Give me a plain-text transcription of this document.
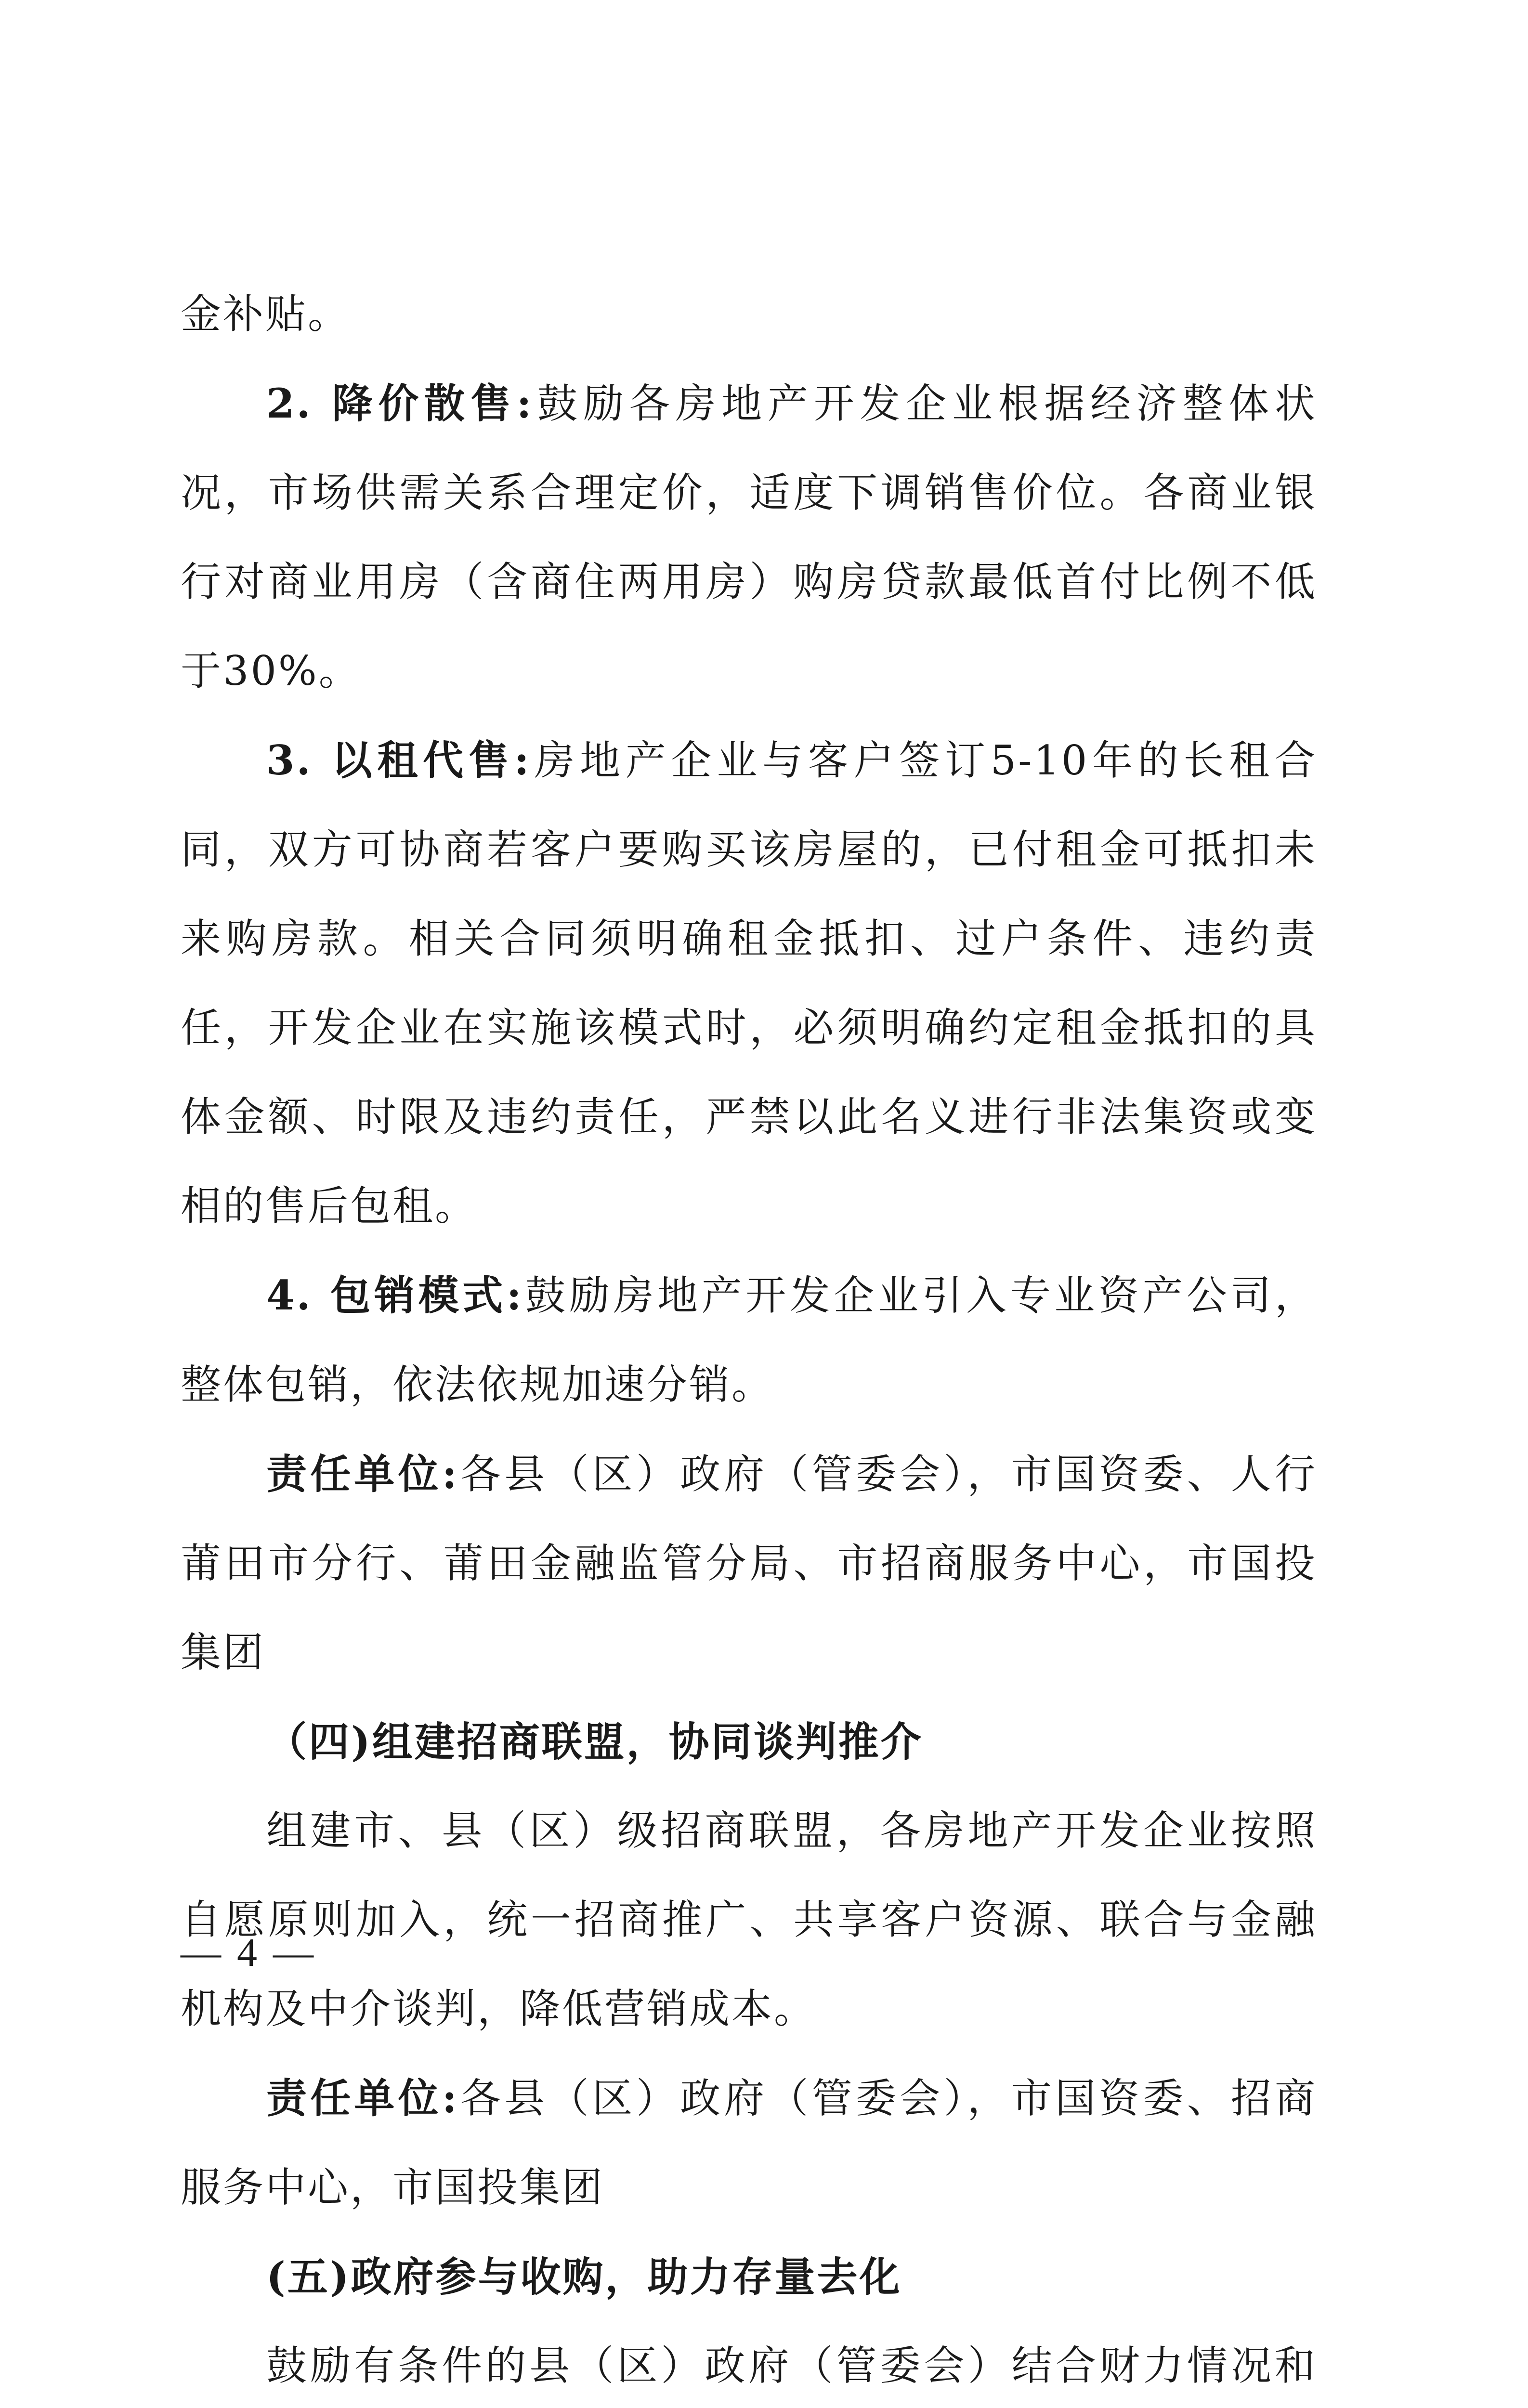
金补贴。

2. 降价散售:鼓励各房地产开发企业根据经济整体状况，市场供需关系合理定价，适度下调销售价位。各商业银行对商业用房（含商住两用房）购房贷款最低首付比例不低于30%。

3. 以租代售:房地产企业与客户签订5-10年的长租合同，双方可协商若客户要购买该房屋的，已付租金可抵扣未来购房款。相关合同须明确租金抵扣、过户条件、违约责任，开发企业在实施该模式时，必须明确约定租金抵扣的具体金额、时限及违约责任，严禁以此名义进行非法集资或变相的售后包租。

4. 包销模式:鼓励房地产开发企业引入专业资产公司，整体包销，依法依规加速分销。

责任单位:各县（区）政府（管委会），市国资委、人行莆田市分行、莆田金融监管分局、市招商服务中心，市国投集团

（四)组建招商联盟，协同谈判推介

组建市、县（区）级招商联盟，各房地产开发企业按照自愿原则加入，统一招商推广、共享客户资源、联合与金融机构及中介谈判，降低营销成本。

责任单位:各县（区）政府（管委会），市国资委、招商服务中心，市国投集团

(五)政府参与收购，助力存量去化

鼓励有条件的县（区）政府（管委会）结合财力情况和

— 4 —
